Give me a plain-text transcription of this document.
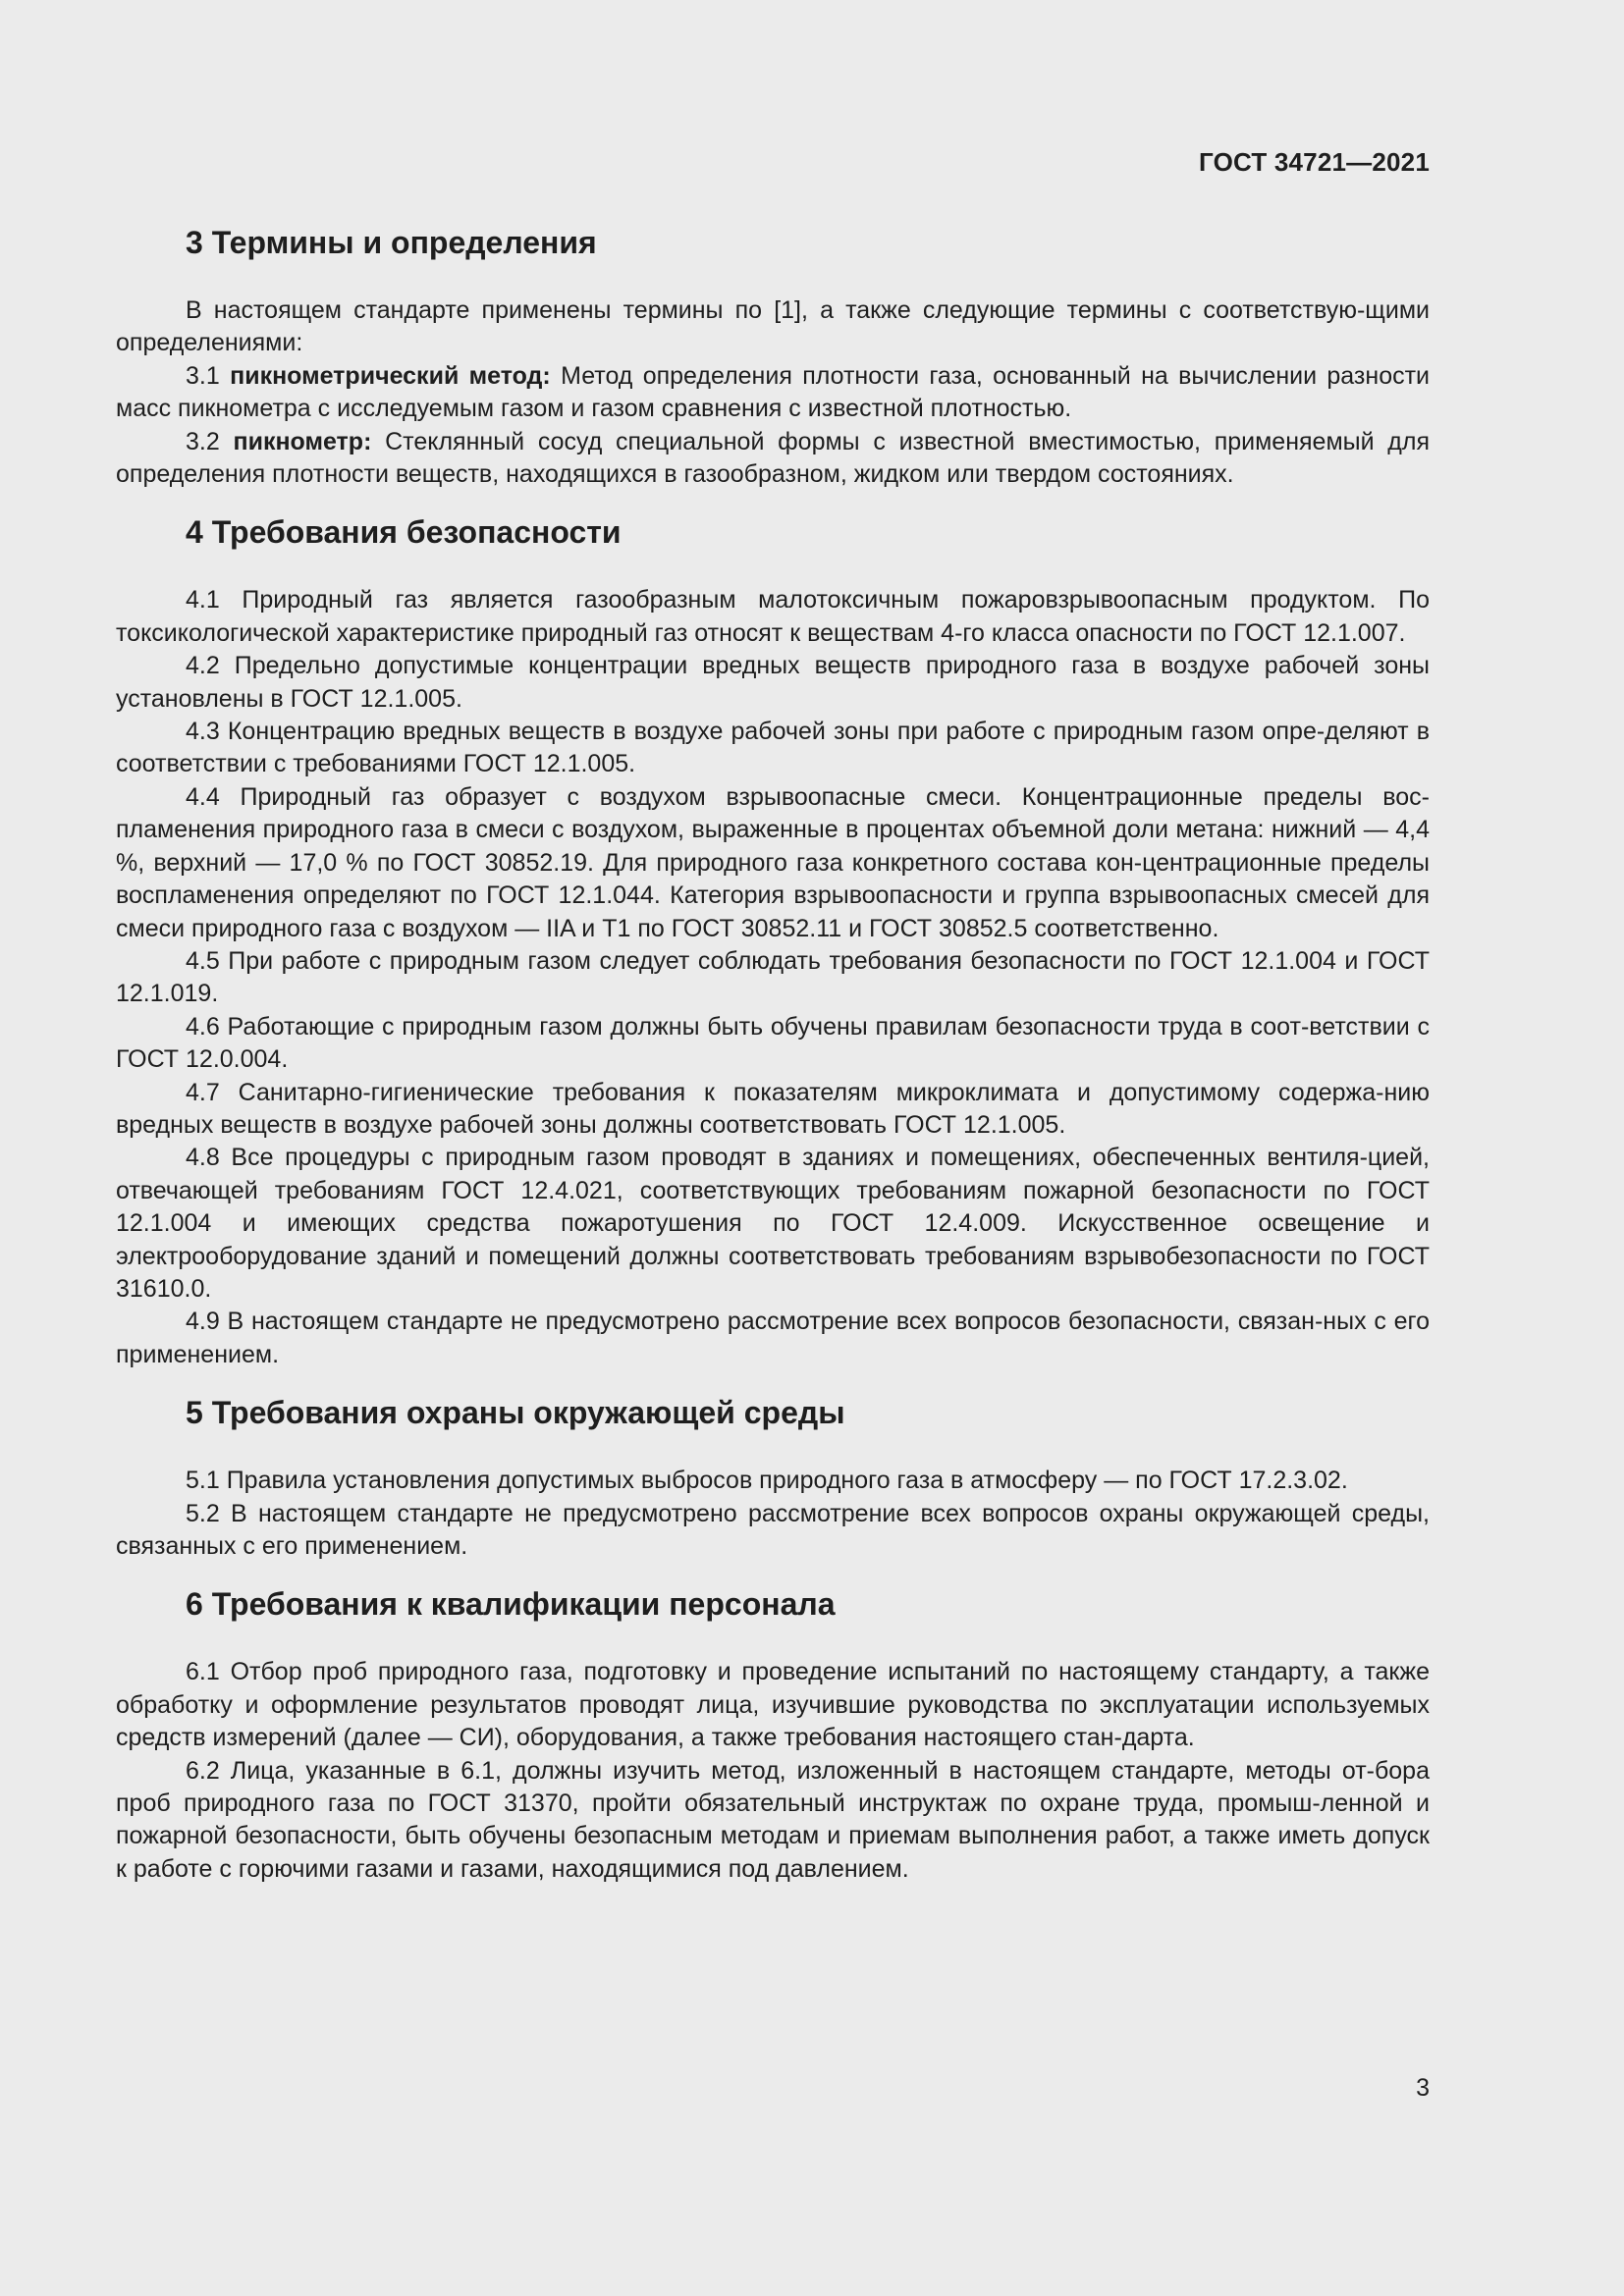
ГОСТ 34721—2021
3 Термины и определения

В настоящем стандарте применены термины по [1], а также следующие термины с соответствую-щими определениями:

3.1 пикнометрический метод: Метод определения плотности газа, основанный на вычислении разности масс пикнометра с исследуемым газом и газом сравнения с известной плотностью.

3.2 пикнометр: Стеклянный сосуд специальной формы с известной вместимостью, применяемый для определения плотности веществ, находящихся в газообразном, жидком или твердом состояниях.

4 Требования безопасности

4.1 Природный газ является газообразным малотоксичным пожаровзрывоопасным продуктом. По токсикологической характеристике природный газ относят к веществам 4-го класса опасности по ГОСТ 12.1.007.

4.2 Предельно допустимые концентрации вредных веществ природного газа в воздухе рабочей зоны установлены в ГОСТ 12.1.005.

4.3 Концентрацию вредных веществ в воздухе рабочей зоны при работе с природным газом опре-деляют в соответствии с требованиями ГОСТ 12.1.005.

4.4 Природный газ образует с воздухом взрывоопасные смеси. Концентрационные пределы вос-пламенения природного газа в смеси с воздухом, выраженные в процентах объемной доли метана: нижний — 4,4 %, верхний — 17,0 % по ГОСТ 30852.19. Для природного газа конкретного состава кон-центрационные пределы воспламенения определяют по ГОСТ 12.1.044. Категория взрывоопасности и группа взрывоопасных смесей для смеси природного газа с воздухом — IIA и T1 по ГОСТ 30852.11 и ГОСТ 30852.5 соответственно.

4.5 При работе с природным газом следует соблюдать требования безопасности по ГОСТ 12.1.004 и ГОСТ 12.1.019.

4.6 Работающие с природным газом должны быть обучены правилам безопасности труда в соот-ветствии с ГОСТ 12.0.004.

4.7 Санитарно-гигиенические требования к показателям микроклимата и допустимому содержа-нию вредных веществ в воздухе рабочей зоны должны соответствовать ГОСТ 12.1.005.

4.8 Все процедуры с природным газом проводят в зданиях и помещениях, обеспеченных вентиля-цией, отвечающей требованиям ГОСТ 12.4.021, соответствующих требованиям пожарной безопасности по ГОСТ 12.1.004 и имеющих средства пожаротушения по ГОСТ 12.4.009. Искусственное освещение и электрооборудование зданий и помещений должны соответствовать требованиям взрывобезопасности по ГОСТ 31610.0.

4.9 В настоящем стандарте не предусмотрено рассмотрение всех вопросов безопасности, связан-ных с его применением.

5 Требования охраны окружающей среды

5.1 Правила установления допустимых выбросов природного газа в атмосферу — по ГОСТ 17.2.3.02.

5.2 В настоящем стандарте не предусмотрено рассмотрение всех вопросов охраны окружающей среды, связанных с его применением.

6 Требования к квалификации персонала

6.1 Отбор проб природного газа, подготовку и проведение испытаний по настоящему стандарту, а также обработку и оформление результатов проводят лица, изучившие руководства по эксплуатации используемых средств измерений (далее — СИ), оборудования, а также требования настоящего стан-дарта.

6.2 Лица, указанные в 6.1, должны изучить метод, изложенный в настоящем стандарте, методы от-бора проб природного газа по ГОСТ 31370, пройти обязательный инструктаж по охране труда, промыш-ленной и пожарной безопасности, быть обучены безопасным методам и приемам выполнения работ, а также иметь допуск к работе с горючими газами и газами, находящимися под давлением.

3
